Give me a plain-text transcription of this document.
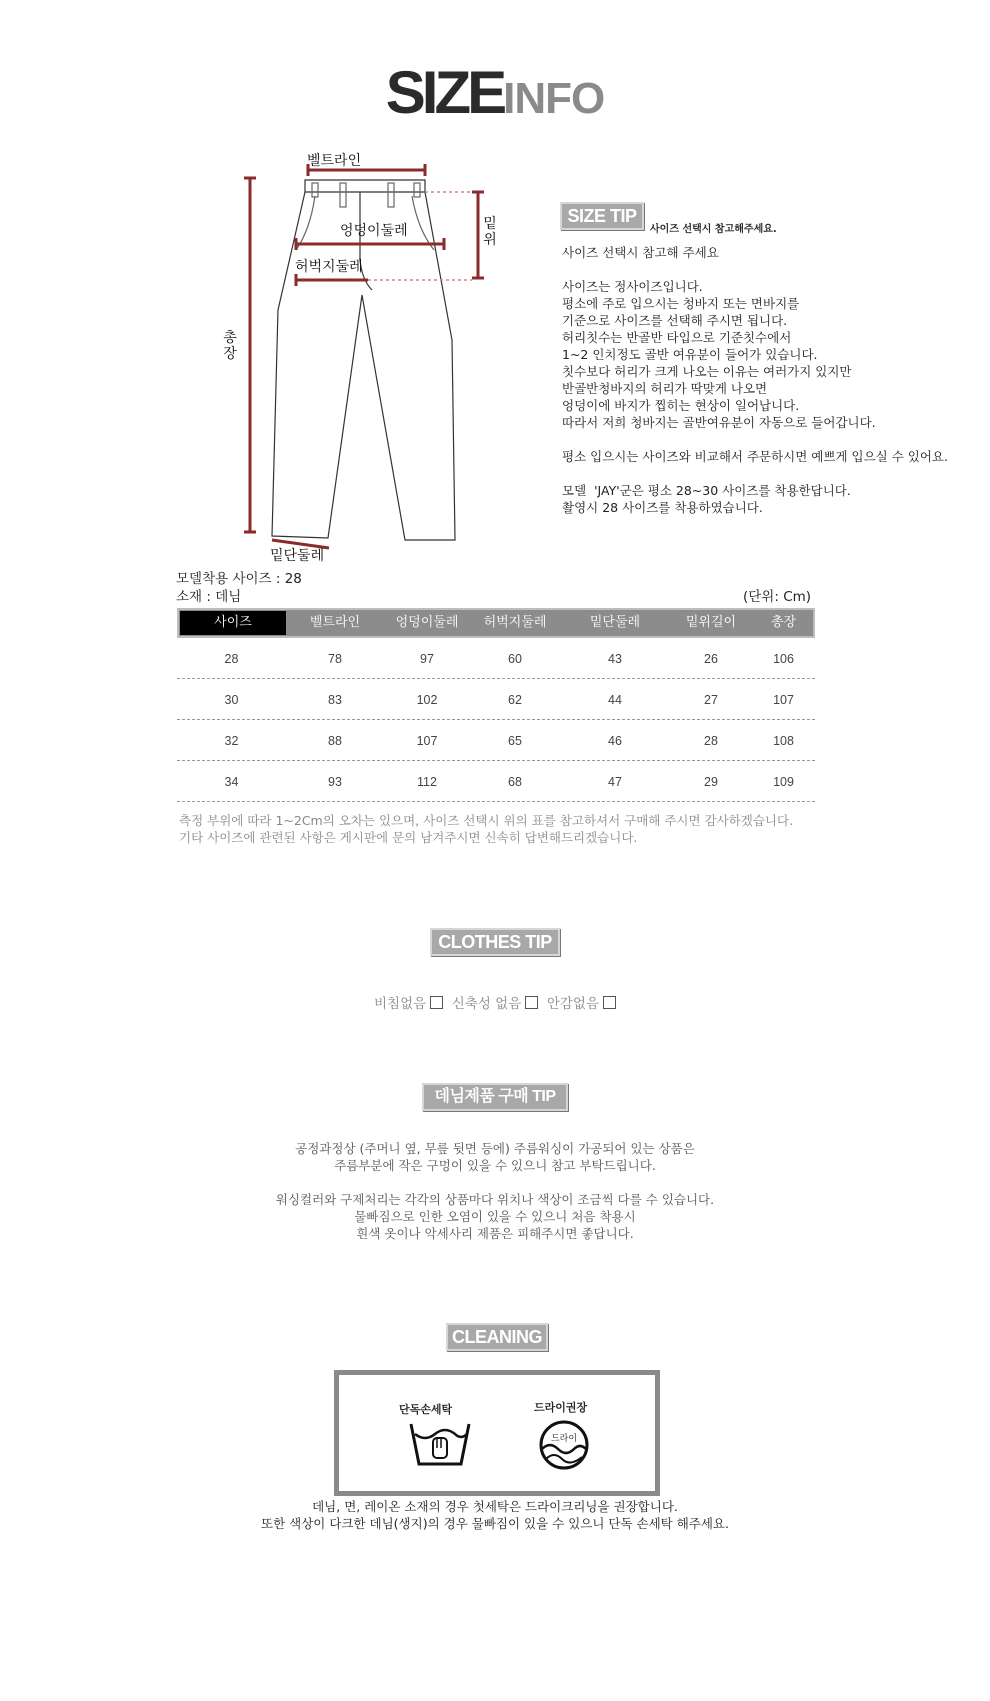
SIZEINFO
벨트라인
엉덩이둘레
허벅지둘레
밑
위
총
장
밑단둘레
SIZE TIP
사이즈 선택시 참고해주세요.
사이즈 선택시 참고해 주세요

사이즈는 정사이즈입니다.
평소에 주로 입으시는 청바지 또는 면바지를
기준으로 사이즈를 선택해 주시면 됩니다.
허리칫수는 반골반 타입으로 기준칫수에서
1~2 인치정도 골반 여유분이 들어가 있습니다.
칫수보다 허리가 크게 나오는 이유는 여러가지 있지만
반골반청바지의 허리가 딱맞게 나오면
엉덩이에 바지가 찝히는 현상이 일어납니다.
따라서 저희 청바지는 골반여유분이 자동으로 들어갑니다.

평소 입으시는 사이즈와 비교해서 주문하시면 예쁘게 입으실 수 있어요.

모델  'JAY'군은 평소 28~30 사이즈를 착용한답니다.
촬영시 28 사이즈를 착용하였습니다.
모델착용 사이즈 : 28
소재 : 데님	(단위: Cm)
사이즈	벨트라인	엉덩이둘레	허벅지둘레	밑단둘레	밑위길이	총장
28	78	97	60	43	26	106
30	83	102	62	44	27	107
32	88	107	65	46	28	108
34	93	112	68	47	29	109
측정 부위에 따라 1~2Cm의 오차는 있으며, 사이즈 선택시 위의 표를 참고하셔서 구매해 주시면 감사하겠습니다.
기타 사이즈에 관련된 사항은 게시판에 문의 남겨주시면 신속히 답변해드리겠습니다.
CLOTHES TIP
비침없음 신축성 없음 안감없음
데님제품 구매 TIP
공정과정상 (주머니 옆, 무릎 뒷면 등에) 주름워싱이 가공되어 있는 상품은
주름부분에 작은 구멍이 있을 수 있으니 참고 부탁드립니다.

워싱컬러와 구제처리는 각각의 상품마다 위치나 색상이 조금씩 다를 수 있습니다.
물빠짐으로 인한 오염이 있을 수 있으니 처음 착용시
흰색 옷이나 악세사리 제품은 피해주시면 좋답니다.
CLEANING
단독손세탁	드라이권장
드라이
데님, 면, 레이온 소재의 경우 첫세탁은 드라이크리닝을 권장합니다.
또한 색상이 다크한 데님(생지)의 경우 물빠짐이 있을 수 있으니 단독 손세탁 해주세요.
